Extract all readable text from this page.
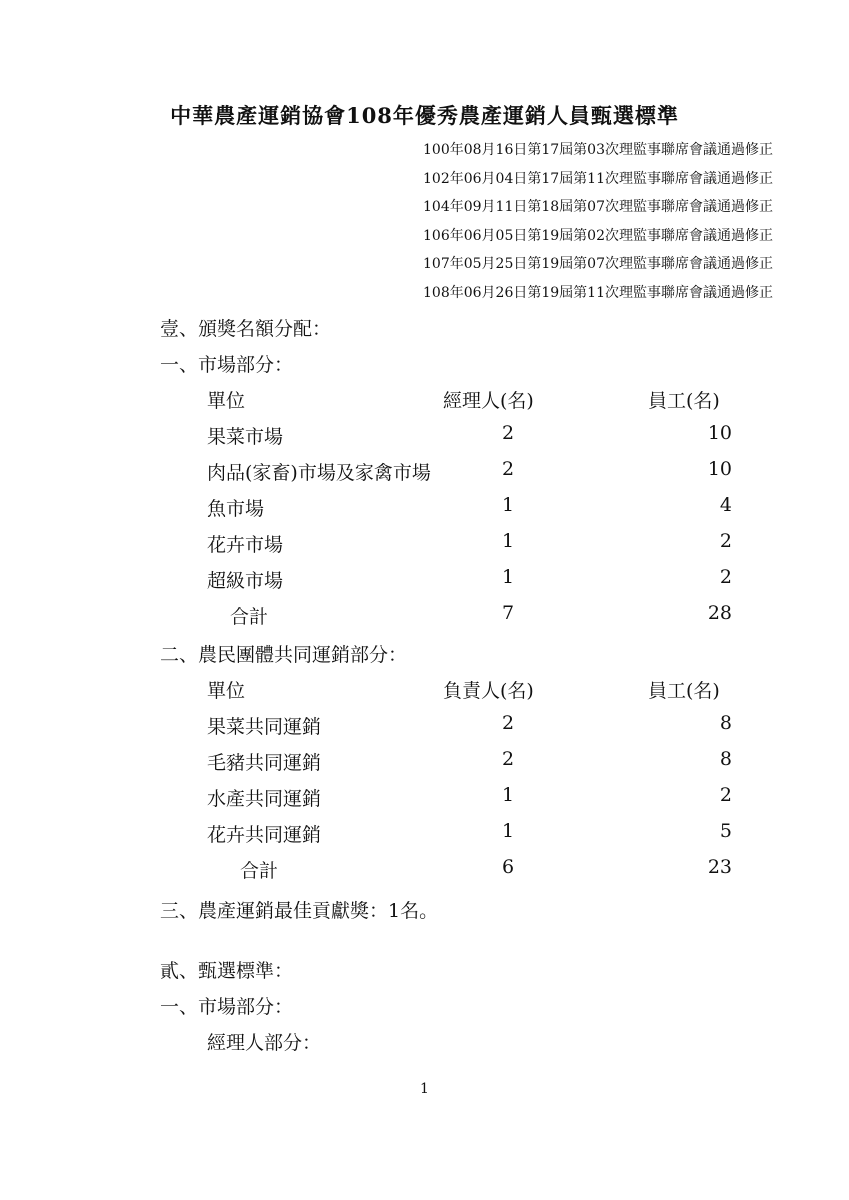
中華農產運銷協會108年優秀農產運銷人員甄選標準
100年08月16日第17屆第03次理監事聯席會議通過修正
102年06月04日第17屆第11次理監事聯席會議通過修正
104年09月11日第18屆第07次理監事聯席會議通過修正
106年06月05日第19屆第02次理監事聯席會議通過修正
107年05月25日第19屆第07次理監事聯席會議通過修正
108年06月26日第19屆第11次理監事聯席會議通過修正
壹、頒獎名額分配：
一、市場部分：
單位	經理人(名)	員工(名)
果菜市場	2	10
肉品(家畜)市場及家禽市場	2	10
魚市場	1	4
花卉市場	1	2
超級市場	1	2
合計	7	28
二、農民團體共同運銷部分：
單位	負責人(名)	員工(名)
果菜共同運銷	2	8
毛豬共同運銷	2	8
水產共同運銷	1	2
花卉共同運銷	1	5
合計	6	23
三、農產運銷最佳貢獻獎：1名。
貳、甄選標準：
一、市場部分：
經理人部分：
1
